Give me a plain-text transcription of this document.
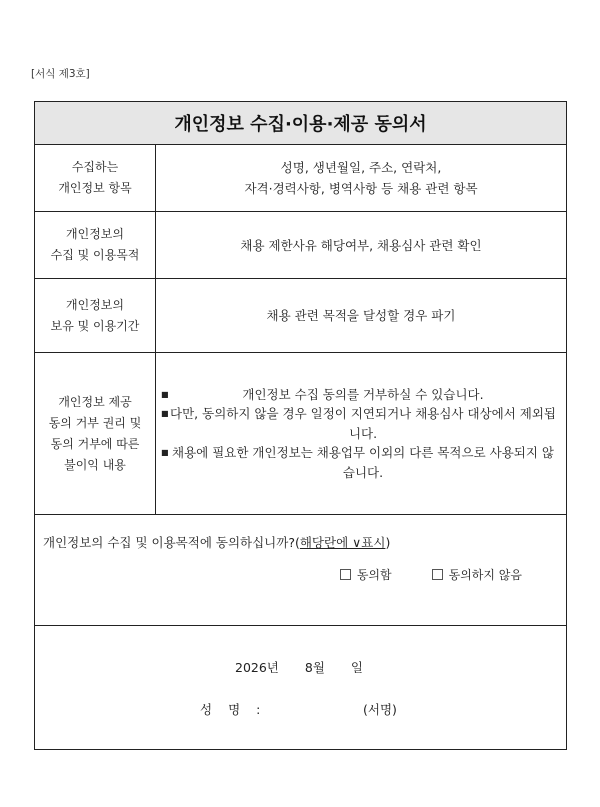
[서식 제3호]
개인정보 수집·이용·제공 동의서
수집하는
개인정보 항목
성명, 생년월일, 주소, 연락처,
자격·경력사항, 병역사항 등 채용 관련 항목
개인정보의
수집 및 이용목적
채용 제한사유 해당여부, 채용심사 관련 확인
개인정보의
보유 및 이용기간
채용 관련 목적을 달성할 경우 파기
개인정보 제공
동의 거부 권리 및
동의 거부에 따른
불이익 내용
■ 개인정보 수집 동의를 거부하실 수 있습니다.
■ 다만, 동의하지 않을 경우 일정이 지연되거나 채용심사 대상에서 제외됩니다.
■ 채용에 필요한 개인정보는 채용업무 이외의 다른 목적으로 사용되지 않습니다.
개인정보의 수집 및 이용목적에 동의하십니까?(해당란에 ∨표시)
동의함	동의하지 않음
2026년 8월 일
성명:	(서명)
